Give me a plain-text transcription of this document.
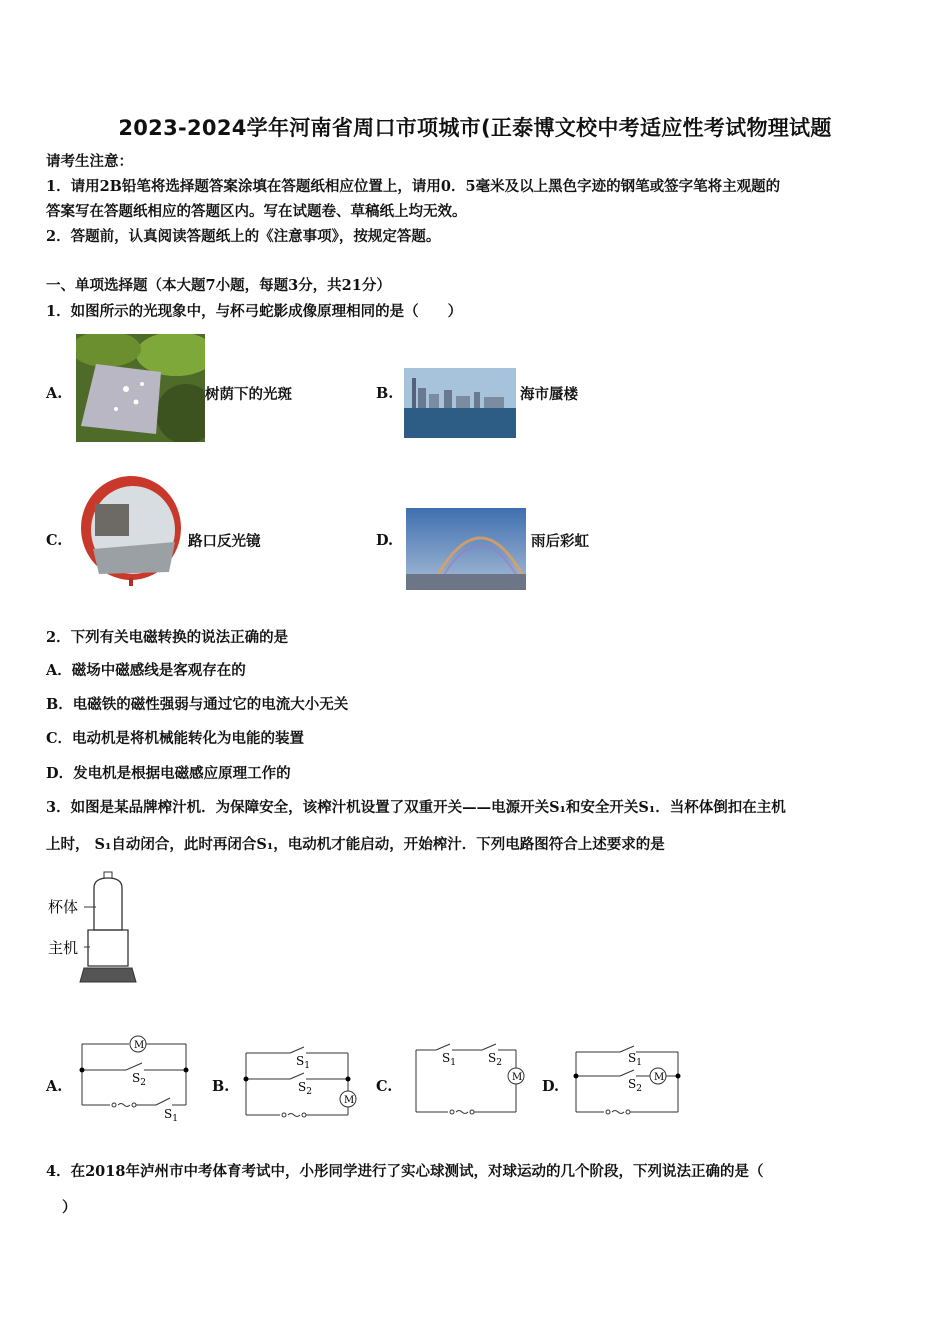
2023-2024学年河南省周口市项城市(正泰博文校中考适应性考试物理试题
请考生注意：
1．请用2B铅笔将选择题答案涂填在答题纸相应位置上，请用0．5毫米及以上黑色字迹的钢笔或签字笔将主观题的
答案写在答题纸相应的答题区内。写在试题卷、草稿纸上均无效。
2．答题前，认真阅读答题纸上的《注意事项》，按规定答题。
一、单项选择题（本大题7小题，每题3分，共21分）
1．如图所示的光现象中，与杯弓蛇影成像原理相同的是（　　）
A.	树荫下的光斑	B.	海市蜃楼
C.	路口反光镜	D.	雨后彩虹
2．下列有关电磁转换的说法正确的是
A．磁场中磁感线是客观存在的
B．电磁铁的磁性强弱与通过它的电流大小无关
C．电动机是将机械能转化为电能的装置
D．发电机是根据电磁感应原理工作的
3．如图是某品牌榨汁机．为保障安全，该榨汁机设置了双重开关——电源开关S₁和安全开关S₁．当杯体倒扣在主机
上时， S₁自动闭合，此时再闭合S₁，电动机才能启动，开始榨汁．下列电路图符合上述要求的是
杯体
主机
A.
M
$S_2$
$S_1$
B.
M
$S_1$
$S_2$	C.
M
$S_1$	$S_2$
D.
M
$S_1$
$S_2$
4．在2018年泸州市中考体育考试中，小彤同学进行了实心球测试，对球运动的几个阶段，下列说法正确的是（
）
